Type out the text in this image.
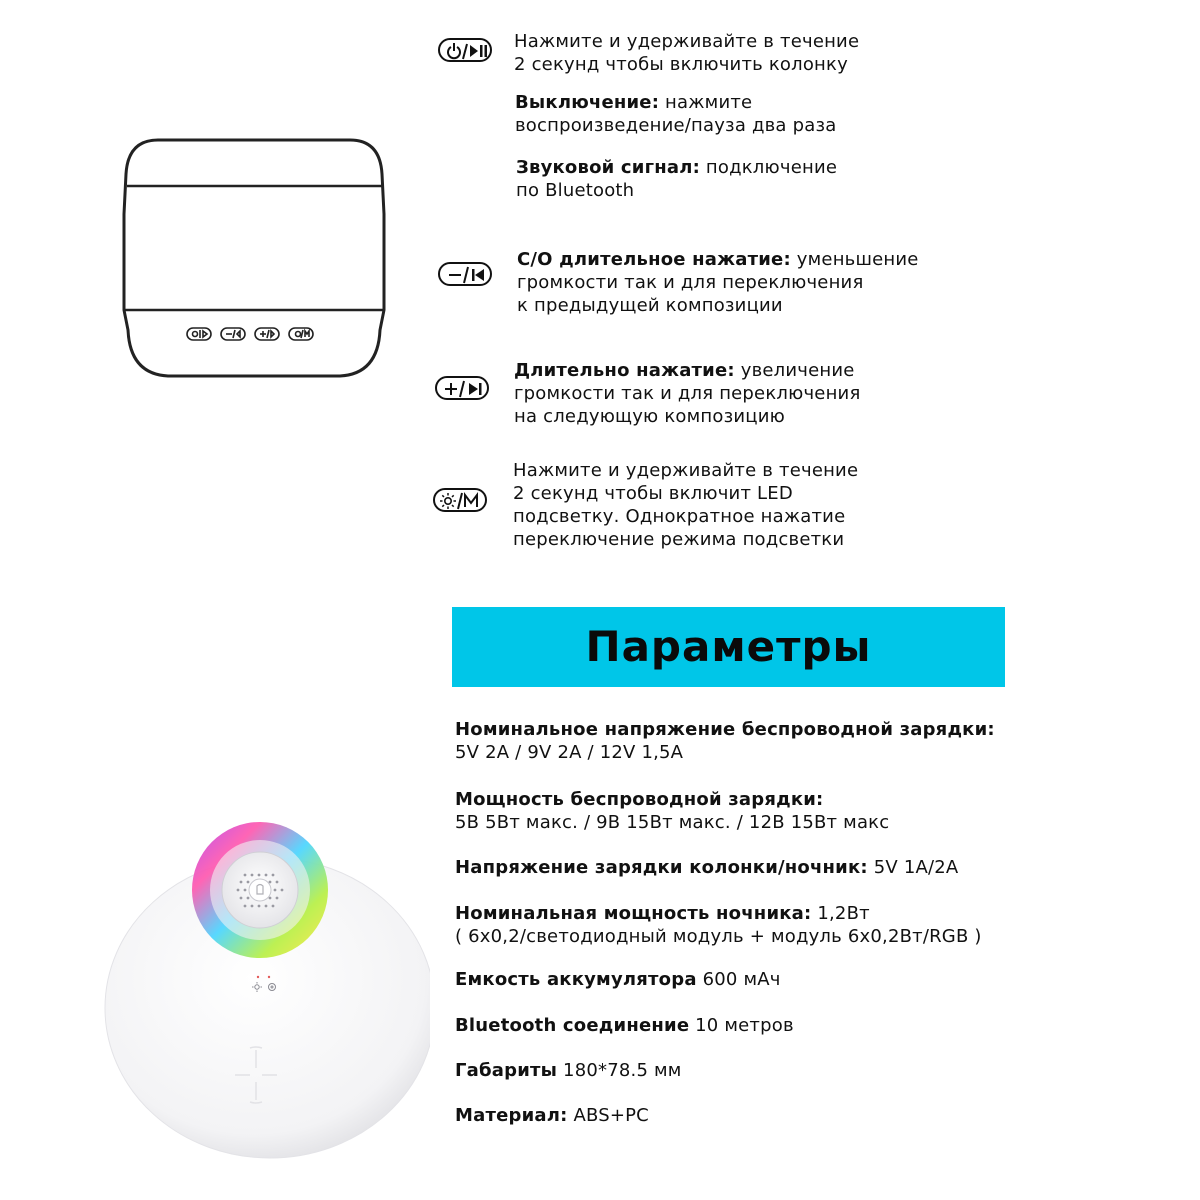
Нажмите и удерживайте в течение
2 секунд чтобы включить колонку
Выключение: нажмите
воспроизведение/пауза два раза
Звуковой сигнал: подключение
по Bluetooth
C/O длительное нажатие: уменьшение
громкости так и для переключения
к предыдущей композиции
Длительно нажатие: увеличение
громкости так и для переключения
на следующую композицию
Нажмите и удерживайте в течение
2 секунд чтобы включит LED
подсветку. Однократное нажатие
переключение режима подсветки
Параметры
Номинальное напряжение беспроводной зарядки:
5V 2A / 9V 2A / 12V 1,5A
Мощность беспроводной зарядки:
5В 5Вт макс. / 9В 15Вт макс. / 12В 15Вт макс
Напряжение зарядки колонки/ночник: 5V 1A/2A
Номинальная мощность ночника: 1,2Вт
( 6х0,2/светодиодный модуль + модуль 6х0,2Вт/RGB )
Емкость аккумулятора 600 мАч
Bluetooth соединение 10 метров
Габариты 180*78.5 мм
Материал: ABS+PC
